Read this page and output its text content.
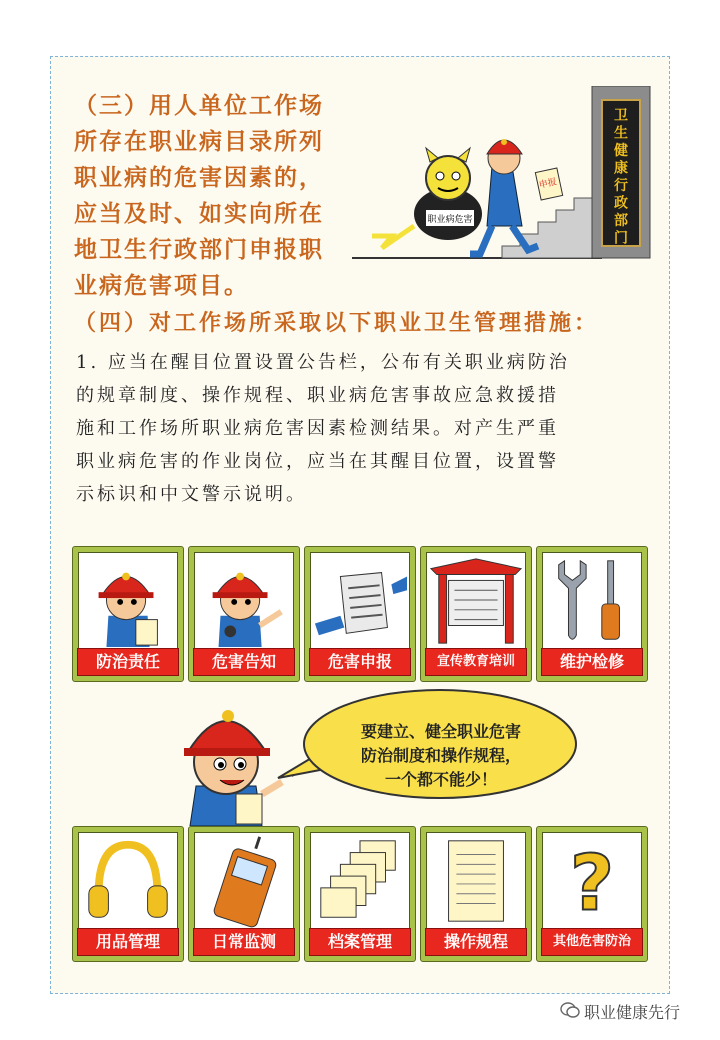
（三）用人单位工作场
所存在职业病目录所列
职业病的危害因素的，
应当及时、如实向所在
地卫生行政部门申报职
业病危害项目。
卫
生
健
康
行
政
部
门
职业病危害
申报
（四）对工作场所采取以下职业卫生管理措施：
1. 应当在醒目位置设置公告栏，公布有关职业病防治
的规章制度、操作规程、职业病危害事故应急救援措
施和工作场所职业病危害因素检测结果。对产生严重
职业病危害的作业岗位，应当在其醒目位置，设置警
示标识和中文警示说明。
防治责任	危害告知	危害申报	宣传教育培训	维护检修
要建立、健全职业危害
防治制度和操作规程，
一个都不能少！
用品管理	日常监测	档案管理	操作规程
?
其他危害防治
职业健康先行
